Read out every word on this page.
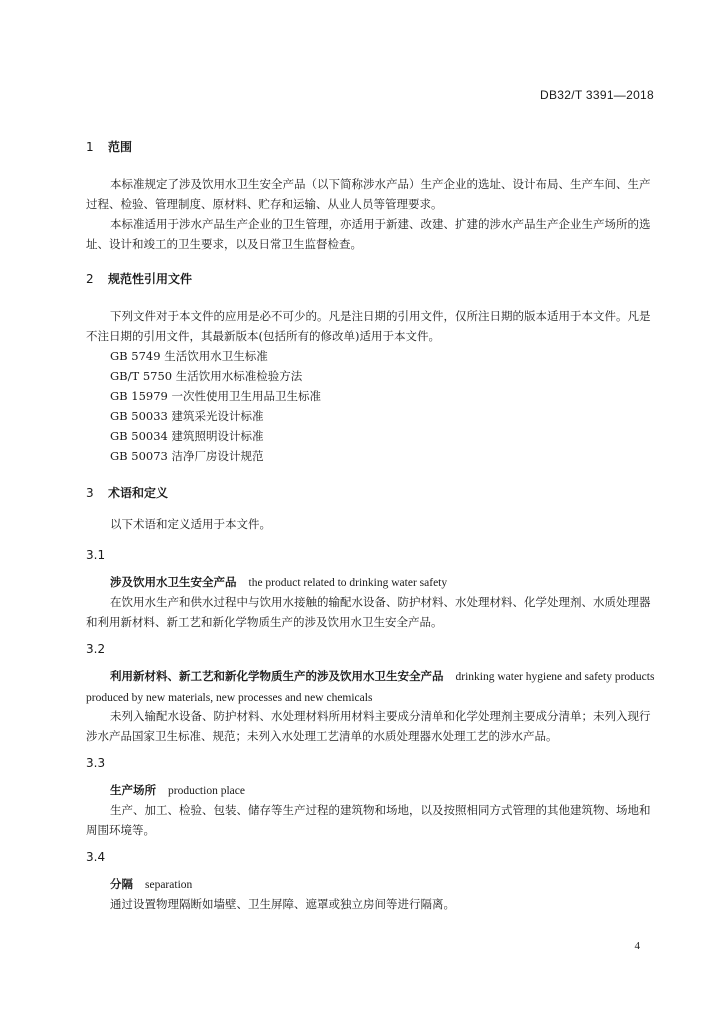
DB32/T 3391—2018
1 范围
本标准规定了涉及饮用水卫生安全产品（以下简称涉水产品）生产企业的选址、设计布局、生产车间、生产过程、检验、管理制度、原材料、贮存和运输、从业人员等管理要求。
本标准适用于涉水产品生产企业的卫生管理，亦适用于新建、改建、扩建的涉水产品生产企业生产场所的选址、设计和竣工的卫生要求，以及日常卫生监督检查。
2 规范性引用文件
下列文件对于本文件的应用是必不可少的。凡是注日期的引用文件，仅所注日期的版本适用于本文件。凡是不注日期的引用文件，其最新版本(包括所有的修改单)适用于本文件。
GB 5749 生活饮用水卫生标准
GB/T 5750 生活饮用水标准检验方法
GB 15979 一次性使用卫生用品卫生标准
GB 50033 建筑采光设计标准
GB 50034 建筑照明设计标准
GB 50073 洁净厂房设计规范
3 术语和定义
以下术语和定义适用于本文件。
3.1
涉及饮用水卫生安全产品 the product related to drinking water safety
在饮用水生产和供水过程中与饮用水接触的输配水设备、防护材料、水处理材料、化学处理剂、水质处理器和利用新材料、新工艺和新化学物质生产的涉及饮用水卫生安全产品。
3.2
利用新材料、新工艺和新化学物质生产的涉及饮用水卫生安全产品 drinking water hygiene and safety products produced by new materials, new processes and new chemicals
未列入输配水设备、防护材料、水处理材料所用材料主要成分清单和化学处理剂主要成分清单；未列入现行涉水产品国家卫生标准、规范；未列入水处理工艺清单的水质处理器水处理工艺的涉水产品。
3.3
生产场所 production place
生产、加工、检验、包装、储存等生产过程的建筑物和场地，以及按照相同方式管理的其他建筑物、场地和周围环境等。
3.4
分隔 separation
通过设置物理隔断如墙壁、卫生屏障、遮罩或独立房间等进行隔离。
4
